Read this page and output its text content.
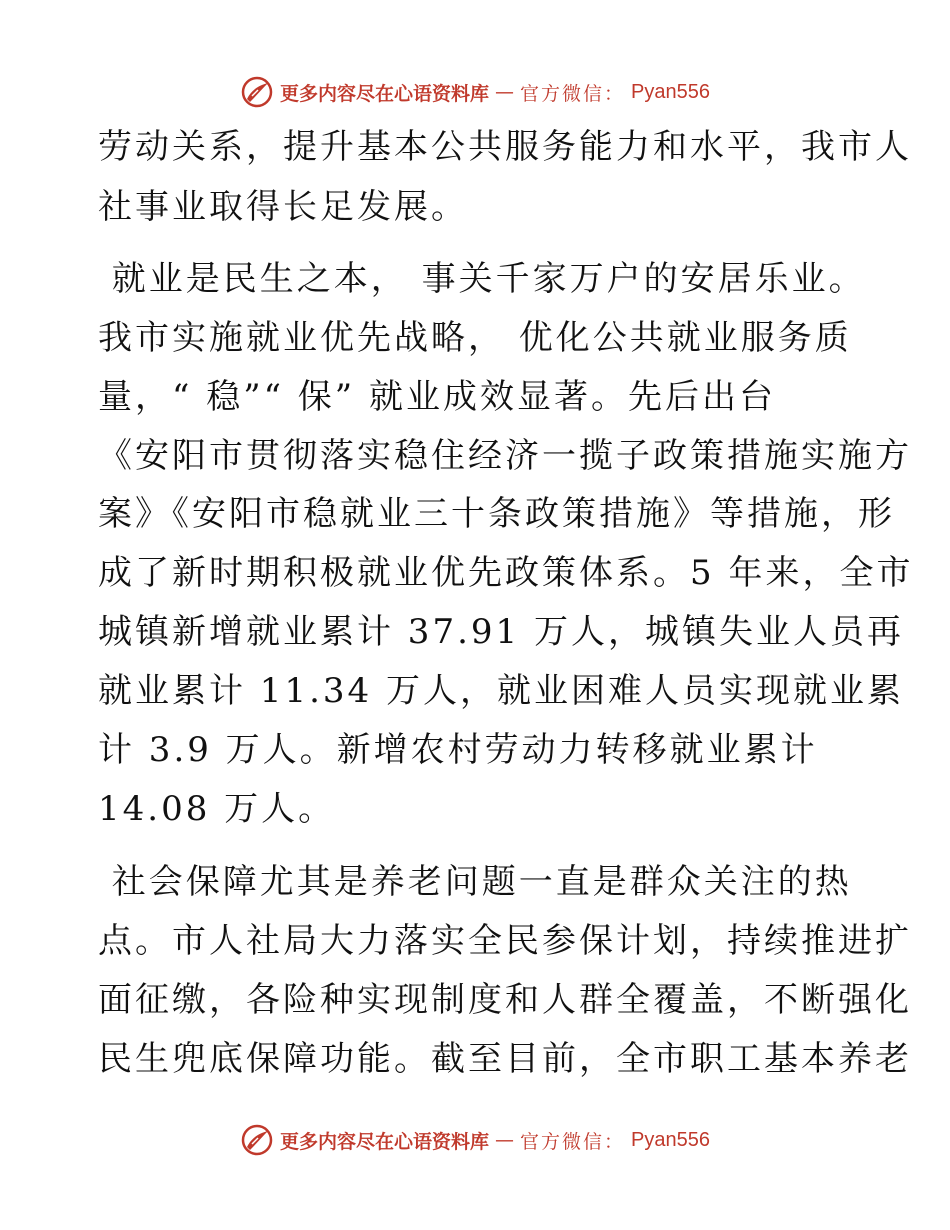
更多内容尽在心语资料库 — 官方微信： Pyan556
劳动关系，提升基本公共服务能力和水平，我市人
社事业取得长足发展。
就业是民生之本， 事关千家万户的安居乐业。
我市实施就业优先战略， 优化公共就业服务质
量，“ 稳”“ 保” 就业成效显著。先后出台
《安阳市贯彻落实稳住经济一揽子政策措施实施方
案》《安阳市稳就业三十条政策措施》等措施，形
成了新时期积极就业优先政策体系。5 年来，全市
城镇新增就业累计 37.91 万人，城镇失业人员再
就业累计 11.34 万人，就业困难人员实现就业累
计 3.9 万人。新增农村劳动力转移就业累计
14.08 万人。
社会保障尤其是养老问题一直是群众关注的热
点。市人社局大力落实全民参保计划，持续推进扩
面征缴，各险种实现制度和人群全覆盖，不断强化
民生兜底保障功能。截至目前，全市职工基本养老
更多内容尽在心语资料库 — 官方微信： Pyan556
